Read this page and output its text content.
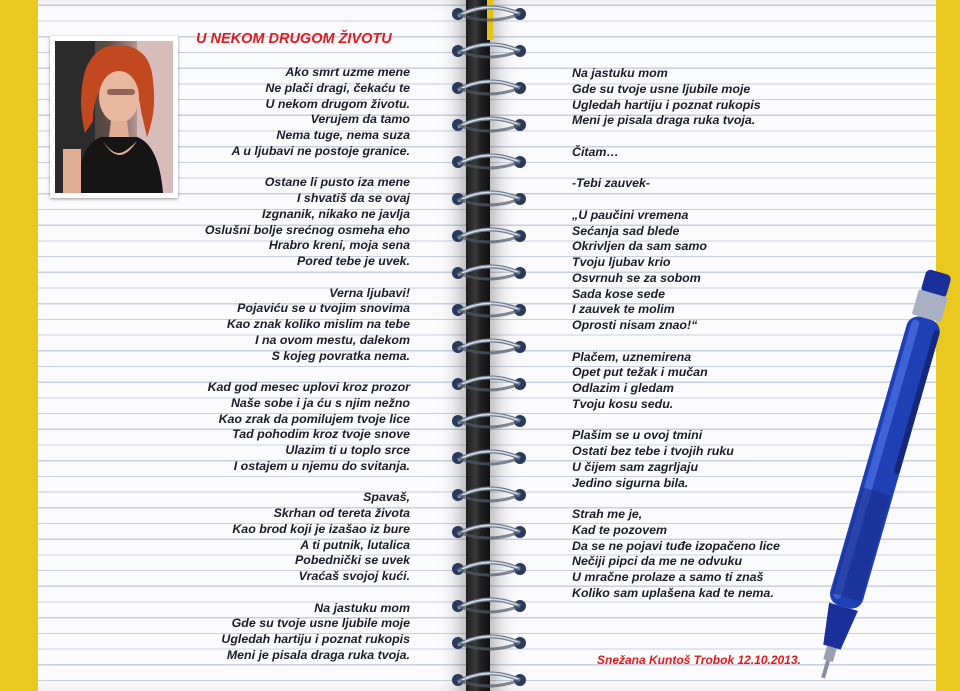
U NEKOM DRUGOM ŽIVOTU
Ako smrt uzme mene
Ne plači dragi, čekaću te
U nekom drugom životu.
Verujem da tamo
Nema tuge, nema suza
A u ljubavi ne postoje granice.
Ostane li pusto iza mene
I shvatiš da se ovaj
Izgnanik, nikako ne javlja
Oslušni bolje srećnog osmeha eho
Hrabro kreni, moja sena
Pored tebe je uvek.
Verna ljubavi!
Pojaviću se u tvojim snovima
Kao znak koliko mislim na tebe
I na ovom mestu, dalekom
S kojeg povratka nema.
Kad god mesec uplovi kroz prozor
Naše sobe i ja ću s njim nežno
Kao zrak da pomilujem tvoje lice
Tad pohodim kroz tvoje snove
Ulazim ti u toplo srce
I ostajem u njemu do svitanja.
Spavaš,
Skrhan od tereta života
Kao brod koji je izašao iz bure
A ti putnik, lutalica
Pobednički se uvek
Vraćaš svojoj kući.
Na jastuku mom
Gde su tvoje usne ljubile moje
Ugledah hartiju i poznat rukopis
Meni je pisala draga ruka tvoja.
Na jastuku mom
Gde su tvoje usne ljubile moje
Ugledah hartiju i poznat rukopis
Meni je pisala draga ruka tvoja.
Čitam…
-Tebi zauvek-
„U paučini vremena
Sećanja sad blede
Okrivljen da sam samo
Tvoju ljubav krio
Osvrnuh se za sobom
Sada kose sede
I zauvek te molim
Oprosti nisam znao!“
Plačem, uznemirena
Opet put težak i mučan
Odlazim i gledam
Tvoju kosu sedu.
Plašim se u ovoj tmini
Ostati bez tebe i tvojih ruku
U čijem sam zagrljaju
Jedino sigurna bila.
Strah me je,
Kad te pozovem
Da se ne pojavi tuđe izopačeno lice
Nečiji pipci da me ne odvuku
U mračne prolaze a samo ti znaš
Koliko sam uplašena kad te nema.
Snežana Kuntoš Trobok 12.10.2013.
